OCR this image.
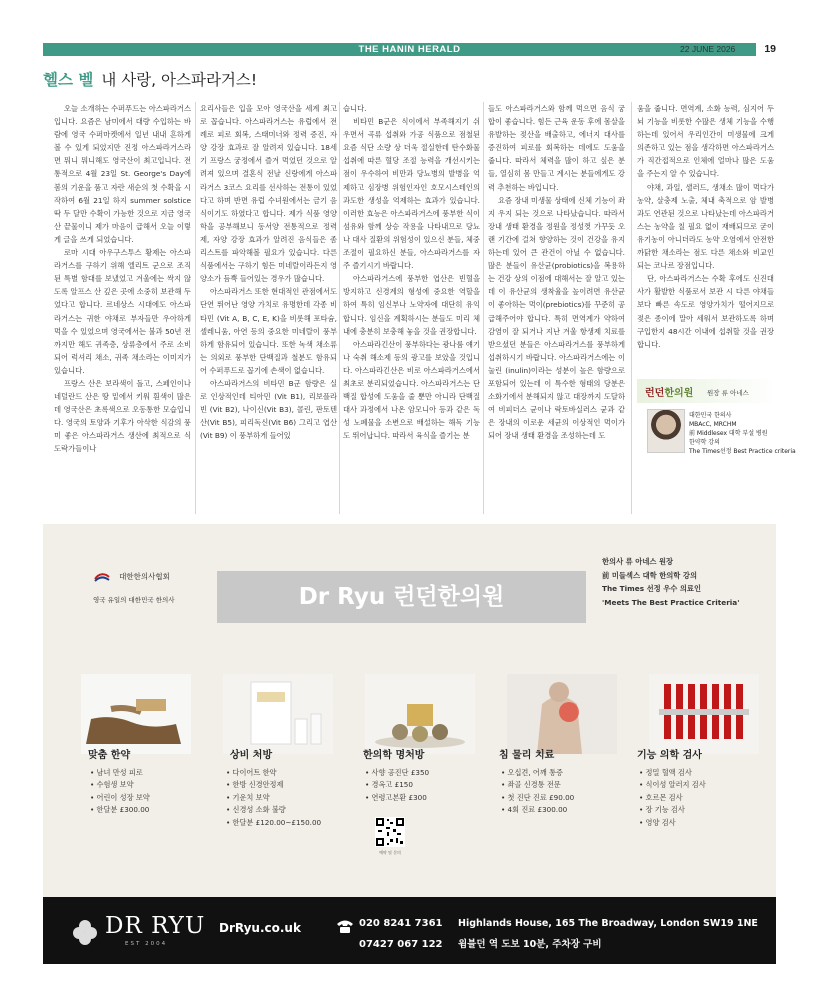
THE HANIN HERALD	22 JUNE 2026	19
헬스 벨 내 사랑, 아스파라거스!

오늘 소개하는 수퍼푸드는 아스파라거스입니다. 요즘은 남미에서 대량 수입하는 바람에 영국 수퍼마켓에서 일년 내내 흔하게 볼 수 있게 되었지만 진정 아스파라거스라면 뭐니 뭐니해도 영국산이 최고입니다. 전통적으로 4월 23일 St. George's Day에 봄의 기운을 품고 자란 새순의 첫 수확을 시작하여 6월 21일 하지 summer solstice 딱 두 달만 수확이 가능한 것으로 지금 영국산 끝물이니 제가 마음이 급해서 오늘 이렇게 글을 쓰게 되었습니다.

로마 시대 아우구스투스 황제는 아스파라거스를 구하기 위해 엘리트 군으로 조직된 특별 함대를 보냈었고 겨울에는 싹지 않도록 알프스 산 깊은 곳에 소중히 보관해 두었다고 합니다. 르네상스 시대에도 아스파라거스는 귀한 야채로 부자들만 우아하게 먹을 수 있었으며 영국에서는 불과 50년 전까지만 해도 귀족층, 상류층에서 주로 소비되어 럭셔리 채소, 귀족 채소라는 이미지가 있습니다.

프랑스 산은 보라색이 돌고, 스페인이나 네덜란드 산은 땅 밑에서 키워 흰색이 많은데 영국산은 초록색으로 오동통한 모습입니다. 영국의 토양과 기후가 아삭한 식감의 풍미 좋은 아스파라거스 생산에 최적으로 식도락가들이나

요리사들은 입을 모아 영국산을 세계 최고로 꼽습니다. 아스파라거스는 유럽에서 전례로 피로 회복, 스태미너와 정력 증진, 자양 강장 효과로 잘 알려져 있습니다. 18세기 프랑스 궁정에서 즐겨 먹었던 것으로 알려져 있으며 결혼식 전날 신랑에게 아스파라거스 3코스 요리를 선사하는 전통이 있었다고 하며 반면 유럽 수녀원에서는 금기 음식이기도 하였다고 합니다. 제가 식품 영양학을 공부해보니 동서양 전통적으로 정력제, 자양 강장 효과가 알려진 음식들은 좀 리스트를 파악해볼 필요가 있습니다. 다른 식품에서는 구하기 힘든 미네랄이라든지 영양소가 듬뿍 들어있는 경우가 많습니다.

아스파라거스 또한 현대적인 관점에서도 단연 뛰어난 영양 가치로 유명한데 각종 비타민 (Vit A, B, C, E, K)을 비롯해 포타슘, 셀레니움, 아연 등의 중요한 미네랄이 풍부하게 함유되어 있습니다. 또한 녹색 채소류는 의외로 풍부한 단백질과 철분도 함유되어 수퍼푸드로 꼽기에 손색이 없습니다.

아스파라거스의 비타민 B군 함량은 실로 인상적인데 티아민 (Vit B1), 리보플라빈 (Vit B2), 나이신(Vit B3), 콜린, 판토텐산(Vit B5), 피리독신(Vit B6) 그리고 엽산(Vit B9) 이 풍부하게 들어있

습니다.

비타민 B군은 식이에서 부족해지기 쉬우면서 곡류 섭취와 가공 식품으로 점철된 요즘 식단 소량 상 더욱 절실한데 탄수화물 섭취에 따른 혈당 조절 능력을 개선시키는 점이 우수하여 비만과 당뇨병의 발병을 억제하고 심장병 위험인자인 호모시스테인의 과도한 생성을 억제하는 효과가 있습니다. 이러한 효능은 아스파라거스에 풍부한 식이 섬유와 함께 상승 작용을 나타내므로 당뇨나 대사 질환의 위험성이 있으신 분들, 체중 조절이 필요하신 분들, 아스파라거스를 자주 즐기시기 바랍니다.

아스파라거스에 풍부한 엽산은 빈혈을 방지하고 신경계의 형성에 중요한 역할을 하여 특히 임신부나 노약자에 대단히 유익합니다. 임신을 계획하시는 분들도 미리 체내에 충분히 보충해 놓을 것을 권장합니다.

아스파라긴산이 풍부하다는 광나룸 얘기나 숙취 해소제 등의 광고를 보았을 것입니다. 아스파라긴산은 비로 아스파라거스에서 최초로 분리되었습니다. 아스파라거스는 단백질 합성에 도움을 줄 뿐만 아니라 단백질 대사 과정에서 나온 암모니아 등과 같은 독성 노폐물을 소변으로 배설하는 해독 기능도 뛰어납니다. 따라서 육식을 즐기는 분

들도 아스파라거스와 함께 먹으면 음식 궁합이 좋습니다. 힘든 근육 운동 후에 몸살을 유발하는 젖산을 배출하고, 에너지 대사를 증진하여 피로를 회복하는 데에도 도움을 줍니다. 따라서 체력을 많이 하고 싶은 분들, 열심히 몸 만들고 계시는 분들에게도 강력 추천하는 바입니다.

요즘 장내 미생물 상태에 신체 기능이 좌지 우지 되는 것으로 나타났습니다. 따라서 장내 생태 환경을 정원을 정성껏 가꾸듯 오랜 기간에 걸쳐 향양하는 것이 건강을 유지하는데 있어 큰 관건이 아닐 수 없습니다. 많은 분들이 유산균(probiotics)을 복용하는 건강 상의 이점에 대해서는 잘 알고 있는데 이 유산균의 생착율을 높이려면 유산균이 좋아하는 먹이(prebiotics)를 꾸준히 공급해주어야 합니다. 특히 면역계가 약하여 감염이 잘 되거나 지난 겨울 항생제 치료를 받으셨던 분들은 아스파라거스를 풍부하게 섭취하시기 바랍니다. 아스파라거스에는 이눌린 (inulin)이라는 성분이 높은 함량으로 포함되어 있는데 이 특수한 형태의 당분은 소화기에서 분해되지 않고 대장까지 도달하여 비피더스 균이나 락토바실러스 균과 같은 장내의 이로운 세균의 이상적인 먹이가 되어 장내 생태 환경을 조성하는데 도

움을 줍니다. 면역계, 소화 능력, 심지어 두뇌 기능을 비롯한 수많은 생체 기능을 수행하는데 있어서 우리인간이 미생물에 크게 의존하고 있는 점을 생각하면 아스파라거스가 직간접적으로 인체에 얼마나 많은 도움을 주는지 알 수 있습니다.

야채, 과일, 샐러드, 생채소 많이 먹다가 농약, 살충제 노출, 체내 축적으로 암 발병과도 연관된 것으로 나타났는데 아스파라거스는 농약을 칠 필요 없이 재배되므로 굳이 유기농이 아니더라도 농약 오염에서 안전한 까닭한 채소라는 점도 다른 채소와 비교인되는 코나르 장점입니다.

단, 아스파라거스는 수확 후에도 신진대사가 활발한 식품로서 보관 시 다른 야채들보다 빠른 속도로 영양가치가 떨어지므로 젖은 종이에 말아 세워서 보관하도록 하며 구입한지 48시간 이내에 섭취할 것을 권장합니다.

런던한의원 원장 류 아네스
대한민국 한의사
MBAcC, MRCHM
前 Middlesex 대학 부설 병원
한약학 강의
The Times선정 Best Practice criteria
대한한의사협회
영국 유일의 대한민국 한의사	Dr Ryu 런던한의원
한의사 류 아네스 원장
前 미들섹스 대학 한의학 강의
The Times 선정 우수 의료인
'Meets The Best Practice Criteria'
맞춤 한약
• 남녀 만성 피로
• 수험생 보약
• 어린이 성장 보약
• 한달분 £300.00
상비 처방
• 다이어트 한약
• 한방 신경안정제
• 기운치 보약
• 신경성 소화 불량
• 한달분 £120.00~£150.00
한의학 명처방
• 사향 공진단 £350
• 경옥고 £150
• 연령고본환 £300
침 물리 치료
• 오십견, 어깨 통증
• 좌골 신경통 전문
• 첫 진단 진료 £90.00
• 4회 진료 £300.00
기능 의학 검사
• 정밀 혈액 검사
• 식이성 알러지 검사
• 호르몬 검사
• 장 기능 검사
• 영양 검사
예약 및 문의
DR RYU
EST 2004
DrRyu.co.uk	020 8241 7361
07427 067 122
Highlands House, 165 The Broadway, London SW19 1NE
윔블던 역 도보 10분, 주차장 구비
